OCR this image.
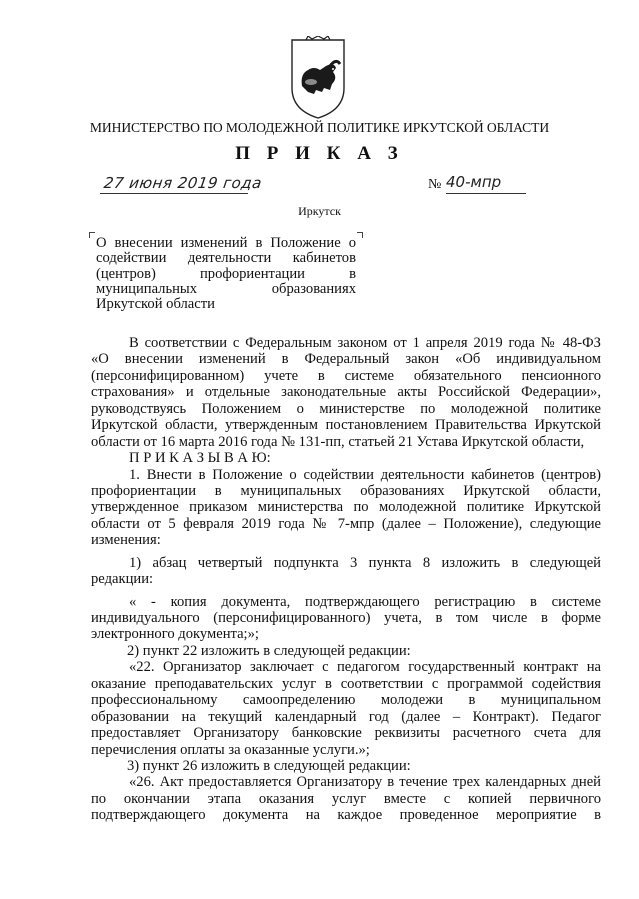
МИНИСТЕРСТВО ПО МОЛОДЕЖНОЙ ПОЛИТИКЕ ИРКУТСКОЙ ОБЛАСТИ
П Р И К А З
27 июня 2019 года	№ 40-мпр
Иркутск
О внесении изменений в Положение о
содействии деятельности кабинетов
(центров) профориентации в
муниципальных образованиях
Иркутской области
В соответствии с Федеральным законом от 1 апреля 2019 года № 48-ФЗ
«О внесении изменений в Федеральный закон «Об индивидуальном
(персонифицированном) учете в системе обязательного пенсионного
страхования» и отдельные законодательные акты Российской Федерации»,
руководствуясь Положением о министерстве по молодежной политике
Иркутской области, утвержденным постановлением Правительства Иркутской
области от 16 марта 2016 года № 131-пп, статьей 21 Устава Иркутской области,
П Р И К А З Ы В А Ю:
1. Внести в Положение о содействии деятельности кабинетов (центров)
профориентации в муниципальных образованиях Иркутской области,
утвержденное приказом министерства по молодежной политике Иркутской
области от 5 февраля 2019 года № 7-мпр (далее – Положение), следующие
изменения:
1) абзац четвертый подпункта 3 пункта 8 изложить в следующей
редакции:
« - копия документа, подтверждающего регистрацию в системе
индивидуального (персонифицированного) учета, в том числе в форме
электронного документа;»;
2) пункт 22 изложить в следующей редакции:
«22. Организатор заключает с педагогом государственный контракт на
оказание преподавательских услуг в соответствии с программой содействия
профессиональному самоопределению молодежи в муниципальном
образовании на текущий календарный год (далее – Контракт). Педагог
предоставляет Организатору банковские реквизиты расчетного счета для
перечисления оплаты за оказанные услуги.»;
3) пункт 26 изложить в следующей редакции:
«26. Акт предоставляется Организатору в течение трех календарных дней
по окончании этапа оказания услуг вместе с копией первичного
подтверждающего документа на каждое проведенное мероприятие в
